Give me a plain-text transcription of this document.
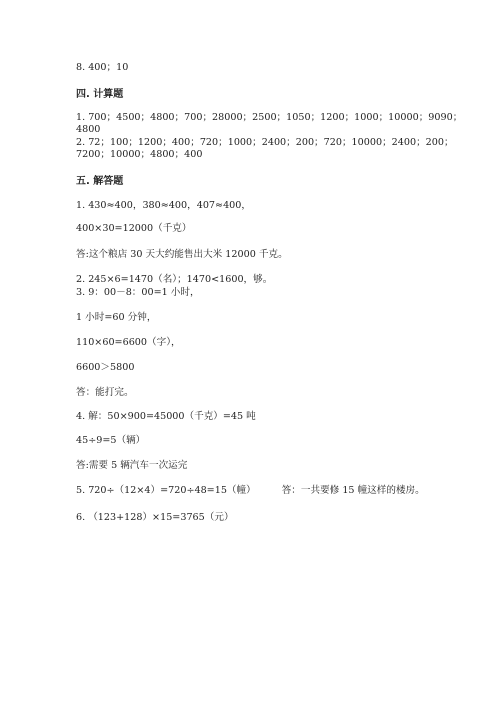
8. 400；10
四. 计算题
1. 700；4500；4800；700；28000；2500；1050；1200；1000；10000；9090；
4800
2. 72；100；1200；400；720；1000；2400；200；720；10000；2400；200；
7200；10000；4800；400
五. 解答题
1. 430≈400，380≈400，407≈400，
400×30=12000（千克）
答:这个粮店 30 天大约能售出大米 12000 千克。
2. 245×6=1470（名）；1470<1600，够。
3. 9：00－8：00=1 小时，
1 小时=60 分钟，
110×60=6600（字），
6600＞5800
答：能打完。
4. 解：50×900=45000（千克）=45 吨
45÷9=5（辆）
答:需要 5 辆汽车一次运完
5. 720÷（12×4）=720÷48=15（幢）	答：一共要修 15 幢这样的楼房。
6. （123+128）×15=3765（元）
